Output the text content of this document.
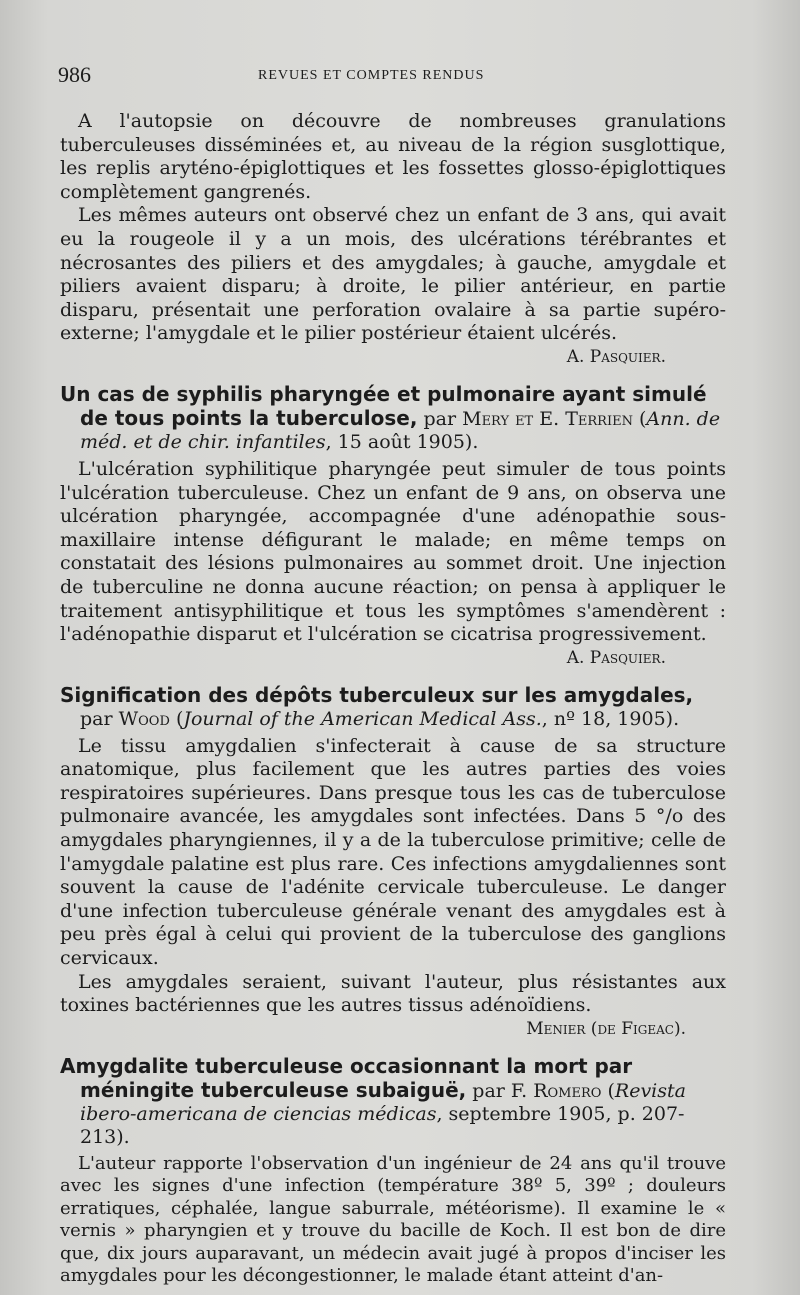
986	REVUES ET COMPTES RENDUS

A l'autopsie on découvre de nombreuses granulations tuberculeuses disséminées et, au niveau de la région susglottique, les replis aryténo-épiglottiques et les fossettes glosso-épiglottiques complètement gangrenés.

Les mêmes auteurs ont observé chez un enfant de 3 ans, qui avait eu la rougeole il y a un mois, des ulcérations térébrantes et nécrosantes des piliers et des amygdales; à gauche, amygdale et piliers avaient disparu; à droite, le pilier antérieur, en partie disparu, présentait une perforation ovalaire à sa partie supéro-externe; l'amygdale et le pilier postérieur étaient ulcérés.

A. Pasquier.
Un cas de syphilis pharyngée et pulmonaire ayant simulé de tous points la tuberculose, par Mery et E. Terrien (Ann. de méd. et de chir. infantiles, 15 août 1905).

L'ulcération syphilitique pharyngée peut simuler de tous points l'ulcération tuberculeuse. Chez un enfant de 9 ans, on observa une ulcération pharyngée, accompagnée d'une adénopathie sous-maxillaire intense défigurant le malade; en même temps on constatait des lésions pulmonaires au sommet droit. Une injection de tuberculine ne donna aucune réaction; on pensa à appliquer le traitement antisyphilitique et tous les symptômes s'amendèrent : l'adénopathie disparut et l'ulcération se cicatrisa progressivement.

A. Pasquier.
Signification des dépôts tuberculeux sur les amygdales, par Wood (Journal of the American Medical Ass., nº 18, 1905).

Le tissu amygdalien s'infecterait à cause de sa structure anatomique, plus facilement que les autres parties des voies respiratoires supérieures. Dans presque tous les cas de tuberculose pulmonaire avancée, les amygdales sont infectées. Dans 5 °/o des amygdales pharyngiennes, il y a de la tuberculose primitive; celle de l'amygdale palatine est plus rare. Ces infections amygdaliennes sont souvent la cause de l'adénite cervicale tuberculeuse. Le danger d'une infection tuberculeuse générale venant des amygdales est à peu près égal à celui qui provient de la tuberculose des ganglions cervicaux.

Les amygdales seraient, suivant l'auteur, plus résistantes aux toxines bactériennes que les autres tissus adénoïdiens.

Menier (de Figeac).
Amygdalite tuberculeuse occasionnant la mort par méningite tuberculeuse subaiguë, par F. Romero (Revista ibero-americana de ciencias médicas, septembre 1905, p. 207-213).

L'auteur rapporte l'observation d'un ingénieur de 24 ans qu'il trouve avec les signes d'une infection (température 38º 5, 39º ; douleurs erratiques, céphalée, langue saburrale, météorisme). Il examine le « vernis » pharyngien et y trouve du bacille de Koch. Il est bon de dire que, dix jours auparavant, un médecin avait jugé à propos d'inciser les amygdales pour les décongestionner, le malade étant atteint d'an-
